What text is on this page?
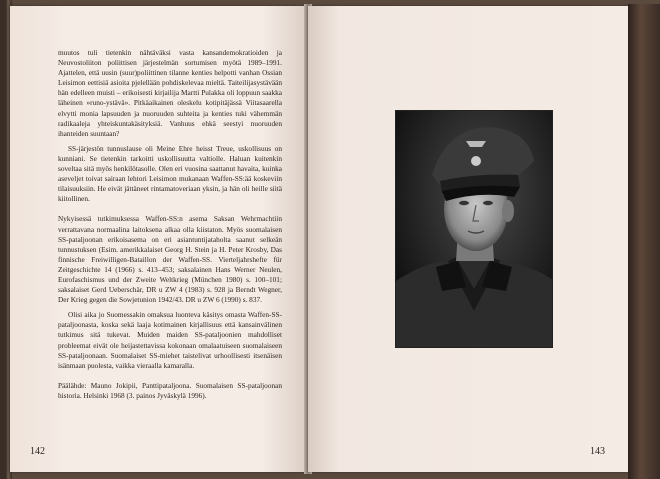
muutos tuli tietenkin nähtäväksi vasta kansandemokratioiden ja Neuvostoliiton poliittisen järjestelmän sortumisen myötä 1989–1991. Ajattelen, että uusin (suur)poliittinen tilanne kenties helpotti vanhan Ossian Leisimon eettisiä asioita pjelellään pohdiskelevaa mieltä. Taiteilijasystävään hän edelleen muisti – erikoisesti kirjailija Martti Pulakka oli loppuun saakka läheinen »runo-ystävä». Pitkäaikainen oleskelu kotipitäjässä Viitasaarella elvytti monia lapsuuden ja nuoruuden suhteita ja kenties tuki vähemmän radikaaleja yhteiskuntakäsityksiä. Vanhuus ehkä seestyi nuoruuden ihanteiden suuntaan?

SS-järjestön tunnuslause oli Meine Ehre heisst Treue, uskollisuus on kunniani. Se tietenkin tarkoitti uskollisuutta valtiolle. Haluan kuitenkin soveltaa sitä myös henkilötasolle. Olen eri vuosina saattanut havaita, kuinka aseveljet toivat sairaan lehtori Leisimon mukanaan Waffen-SS:ää koskeviin tilaisuuksiin. He eivät jättäneet rintamatoveriaan yksin, ja hän oli heille siitä kiitollinen.

Nykyisessä tutkimuksessa Waffen-SS:n asema Saksan Wehrmachtiin verrattavana normaalina laitoksena alkaa olla kiistaton. Myös suomalaisen SS-pataljoonan erikoisasema on eri asiantuntijataholta saanut selkeän tunnustuksen (Esim. amerikkalaiset Georg H. Stein ja H. Peter Krosby, Das finnische Freiwilligen-Bataillon der Waffen-SS. Vierteljahrshefte für Zeitgeschichte 14 (1966) s. 413–453; saksalainen Hans Werner Neulen, Eurofaschismus und der Zweite Weltkrieg (München 1980) s. 100–101; saksalaiset Gerd Ueberschär, DR u ZW 4 (1983) s. 928 ja Berndt Wegner, Der Krieg gegen die Sowjetunion 1942/43. DR u ZW 6 (1990) s. 837.

Olisi aika jo Suomessakin omaksua luonteva käsitys omasta Waffen-SS-pataljoonasta, koska sekä laaja kotimainen kirjallisuus että kansainvälinen tutkimus sitä tukevat. Muiden maiden SS-pataljoonien mahdolliset probleemat eivät ole heijastettavissa kokonaan omalaatuiseen suomalaiseen SS-pataljoonaan. Suomalaiset SS-miehet taistelivat urhoollisesti itsenäisen isänmaan puolesta, vaikka vieraalla kamaralla.

Päälähde: Mauno Jokipii, Panttipataljoona. Suomalaisen SS-pataljoonan historia. Helsinki 1968 (3. painos Jyväskylä 1996).

142	143
